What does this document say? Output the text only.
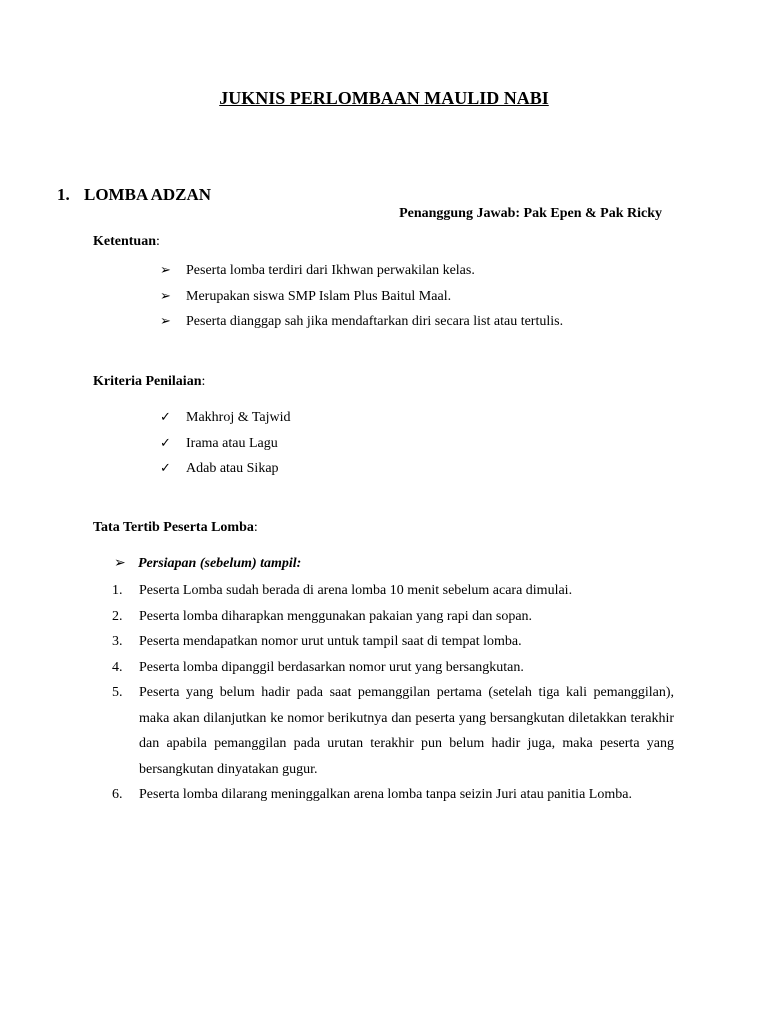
JUKNIS PERLOMBAAN MAULID NABI
1. LOMBA ADZAN
Penanggung Jawab: Pak Epen & Pak Ricky
Ketentuan:
➢ Peserta lomba terdiri dari Ikhwan perwakilan kelas.
➢ Merupakan siswa SMP Islam Plus Baitul Maal.
➢ Peserta dianggap sah jika mendaftarkan diri secara list atau tertulis.
Kriteria Penilaian:
✓ Makhroj & Tajwid
✓ Irama atau Lagu
✓ Adab atau Sikap
Tata Tertib Peserta Lomba:
➢ Persiapan (sebelum) tampil:
1. Peserta Lomba sudah berada di arena lomba 10 menit sebelum acara dimulai.
2. Peserta lomba diharapkan menggunakan pakaian yang rapi dan sopan.
3. Peserta mendapatkan nomor urut untuk tampil saat di tempat lomba.
4. Peserta lomba dipanggil berdasarkan nomor urut yang bersangkutan.
5. Peserta yang belum hadir pada saat pemanggilan pertama (setelah tiga kali pemanggilan), maka akan dilanjutkan ke nomor berikutnya dan peserta yang bersangkutan diletakkan terakhir dan apabila pemanggilan pada urutan terakhir pun belum hadir juga, maka peserta yang bersangkutan dinyatakan gugur.
6. Peserta lomba dilarang meninggalkan arena lomba tanpa seizin Juri atau panitia Lomba.
